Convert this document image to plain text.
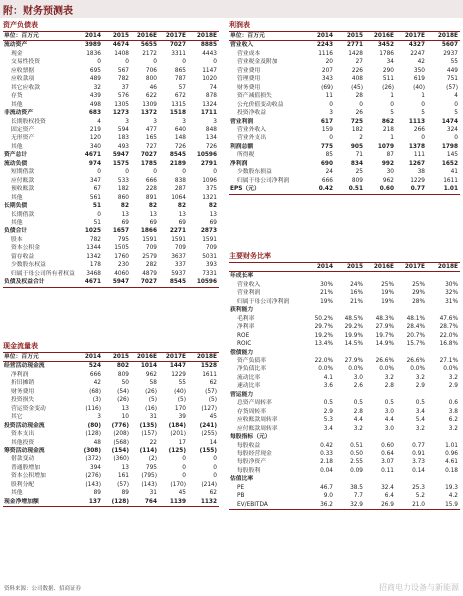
附：财务预测表
资产负债表
单位：百万元	2014	2015	2016E	2017E	2018E
流动资产	3989	4674	5655	7027	8885
现金	1836	1408	2172	3311	4443
交易性投资	0	0	0	0	0
应收票据	695	567	706	865	1147
应收款项	489	782	800	787	1020
其它应收款	32	37	46	57	74
存货	439	576	622	672	878
其他	498	1305	1309	1315	1324
非流动资产	683	1273	1372	1518	1711
长期股权投资	4	3	3	3	3
固定资产	219	594	477	640	848
无形资产	120	183	165	148	134
其他	340	493	727	726	726
资产总计	4671	5947	7027	8545	10596
流动负债	974	1575	1785	2189	2791
短期借款	0	0	0	0	0
应付账款	347	533	666	838	1096
预收账款	67	182	228	287	375
其他	561	860	891	1064	1321
长期负债	51	82	82	82	82
长期借款	0	13	13	13	13
其他	51	69	69	69	69
负债合计	1025	1657	1866	2271	2873
股本	782	795	1591	1591	1591
资本公积金	1344	1505	709	709	709
留存收益	1342	1760	2579	3637	5031
少数股东权益	178	230	282	337	393
归属于母公司所有者权益	3468	4060	4879	5937	7331
负债及权益合计	4671	5947	7027	8545	10596
现金流量表
单位：百万元	2014	2015	2016E	2017E	2018E
经营活动现金流	524	802	1014	1447	1528
净利润	666	809	962	1229	1611
折旧摊销	42	50	58	55	62
财务费用	(68)	(54)	(26)	(40)	(57)
投资损失	(3)	(26)	(5)	(5)	(5)
营运资金变动	(116)	13	(16)	170	(127)
其它	3	10	31	39	45
投资活动现金流	(80)	(776)	(135)	(184)	(241)
资本支出	(128)	(208)	(157)	(201)	(255)
其他投资	48	(568)	22	17	14
筹资活动现金流	(308)	(154)	(114)	(125)	(155)
借款变动	(372)	(360)	(2)	0	0
普通股增加	394	13	795	0	0
资本公积增加	(276)	161	(795)	0	0
股利分配	(143)	(57)	(143)	(170)	(214)
其他	89	89	31	45	62
现金净增加额	137	(128)	764	1139	1132
利润表
单位：百万元	2014	2015	2016E	2017E	2018E
营业收入	2243	2771	3452	4327	5607
营业成本	1116	1428	1786	2247	2937
营业税金及附加	20	27	34	42	55
营业费用	207	226	290	350	449
管理费用	343	408	511	619	751
财务费用	(69)	(45)	(26)	(40)	(57)
资产减值损失	11	28	1	1	4
公允价值变动收益	0	0	0	0	0
投资净收益	3	26	5	5	5
营业利润	617	725	862	1113	1474
营业外收入	159	182	218	266	324
营业外支出	0	2	1	0	0
利润总额	775	905	1079	1378	1798
所得税	85	71	87	111	145
净利润	690	834	992	1267	1652
少数股东损益	24	25	30	38	41
归属于母公司净利润	666	809	962	1229	1611
EPS（元）	0.42	0.51	0.60	0.77	1.01
主要财务比率
	2014	2015	2016E	2017E	2018E
年成长率					
营业收入	30%	24%	25%	25%	30%
营业利润	21%	16%	19%	29%	32%
归属于母公司净利润	19%	21%	19%	28%	31%
获利能力					
毛利率	50.2%	48.5%	48.3%	48.1%	47.6%
净利率	29.7%	29.2%	27.9%	28.4%	28.7%
ROE	19.2%	19.9%	19.7%	20.7%	22.0%
ROIC	13.4%	14.5%	14.9%	15.7%	16.8%
偿债能力					
资产负债率	22.0%	27.9%	26.6%	26.6%	27.1%
净负债比率	0.0%	0.0%	0.0%	0.0%	0.0%
流动比率	4.1	3.0	3.2	3.2	3.2
速动比率	3.6	2.6	2.8	2.9	2.9
营运能力					
总资产周转率	0.5	0.5	0.5	0.5	0.6
存货周转率	2.9	2.8	3.0	3.4	3.8
应收账款周转率	5.3	4.4	4.4	5.4	6.2
应付账款周转率	3.4	3.2	3.0	3.2	3.2
每股指标（元）					
每股收益	0.42	0.51	0.60	0.77	1.01
每股经营现金	0.33	0.50	0.64	0.91	0.96
每股净资产	2.18	2.55	3.07	3.73	4.61
每股股利	0.04	0.09	0.11	0.14	0.18
估值比率					
PE	46.7	38.5	32.4	25.3	19.3
PB	9.0	7.7	6.4	5.2	4.2
EV/EBITDA	36.2	32.9	26.9	21.0	15.9
资料来源：公司数据、招商证券	招商电力设备与新能源
